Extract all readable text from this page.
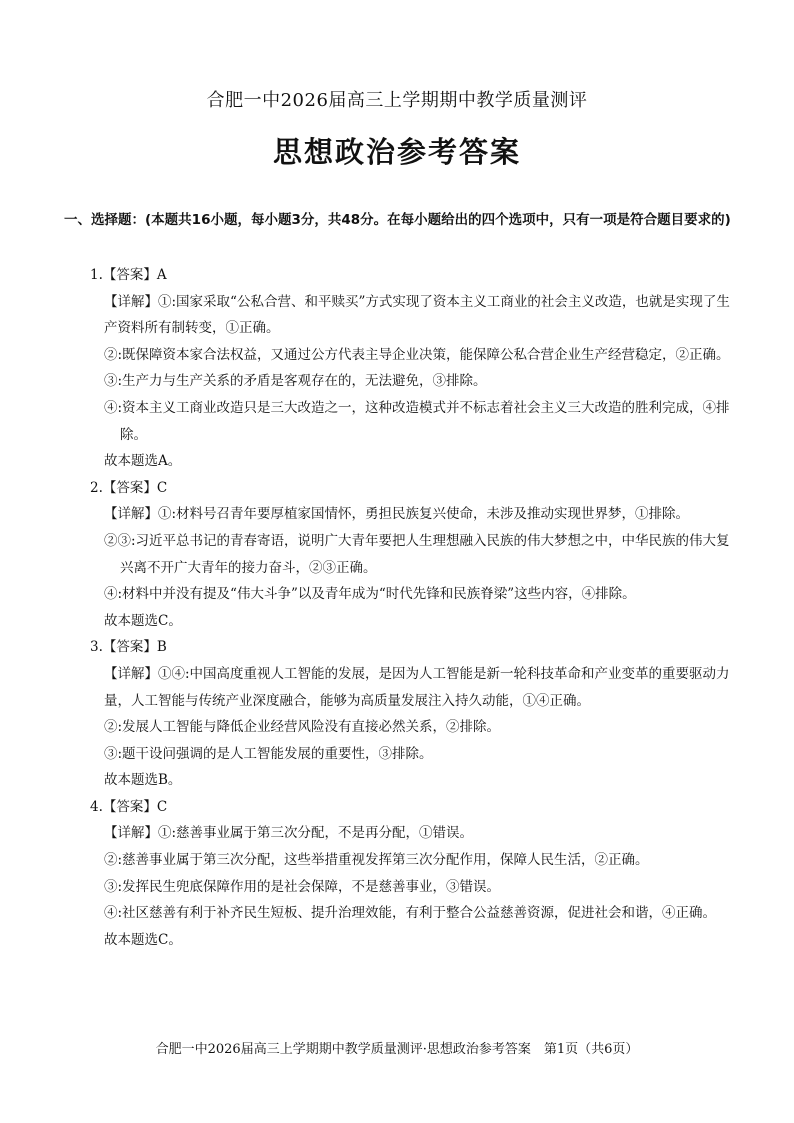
合肥一中2026届高三上学期期中教学质量测评
思想政治参考答案
一、选择题：(本题共16小题，每小题3分，共48分。在每小题给出的四个选项中，只有一项是符合题目要求的)
1.【答案】A
【详解】①:国家采取“公私合营、和平赎买”方式实现了资本主义工商业的社会主义改造，也就是实现了生产资料所有制转变，①正确。
②:既保障资本家合法权益，又通过公方代表主导企业决策，能保障公私合营企业生产经营稳定，②正确。
③:生产力与生产关系的矛盾是客观存在的，无法避免，③排除。
④:资本主义工商业改造只是三大改造之一，这种改造模式并不标志着社会主义三大改造的胜利完成，④排除。
故本题选A。
2.【答案】C
【详解】①:材料号召青年要厚植家国情怀，勇担民族复兴使命，未涉及推动实现世界梦，①排除。
②③:习近平总书记的青春寄语，说明广大青年要把人生理想融入民族的伟大梦想之中，中华民族的伟大复兴离不开广大青年的接力奋斗，②③正确。
④:材料中并没有提及“伟大斗争”以及青年成为“时代先锋和民族脊梁”这些内容，④排除。
故本题选C。
3.【答案】B
【详解】①④:中国高度重视人工智能的发展，是因为人工智能是新一轮科技革命和产业变革的重要驱动力量，人工智能与传统产业深度融合，能够为高质量发展注入持久动能，①④正确。
②:发展人工智能与降低企业经营风险没有直接必然关系，②排除。
③:题干设问强调的是人工智能发展的重要性，③排除。
故本题选B。
4.【答案】C
【详解】①:慈善事业属于第三次分配，不是再分配，①错误。
②:慈善事业属于第三次分配，这些举措重视发挥第三次分配作用，保障人民生活，②正确。
③:发挥民生兜底保障作用的是社会保障，不是慈善事业，③错误。
④:社区慈善有利于补齐民生短板、提升治理效能，有利于整合公益慈善资源，促进社会和谐，④正确。
故本题选C。
合肥一中2026届高三上学期期中教学质量测评·思想政治参考答案　第1页（共6页）
